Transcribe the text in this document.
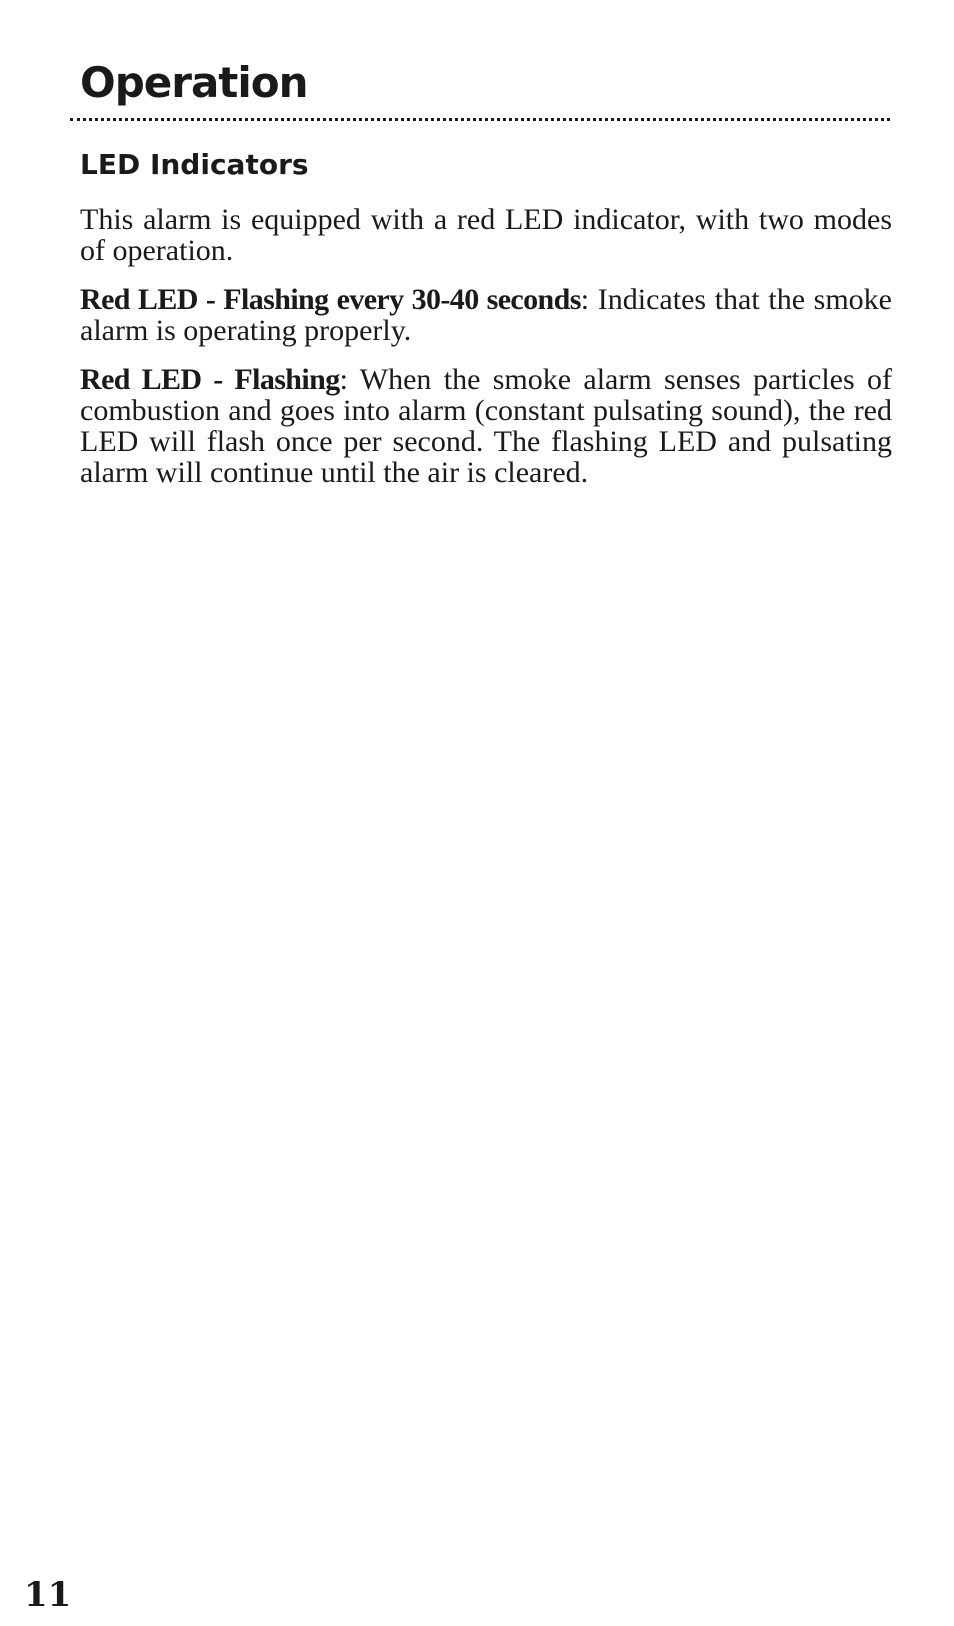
Operation
LED Indicators

This alarm is equipped with a red LED indicator, with two modes of operation.

Red LED - Flashing every 30-40 seconds: Indicates that the smoke alarm is operating properly.

Red LED - Flashing: When the smoke alarm senses particles of combustion and goes into alarm (constant pulsating sound), the red LED will flash once per second. The flashing LED and pulsating alarm will continue until the air is cleared.

11
